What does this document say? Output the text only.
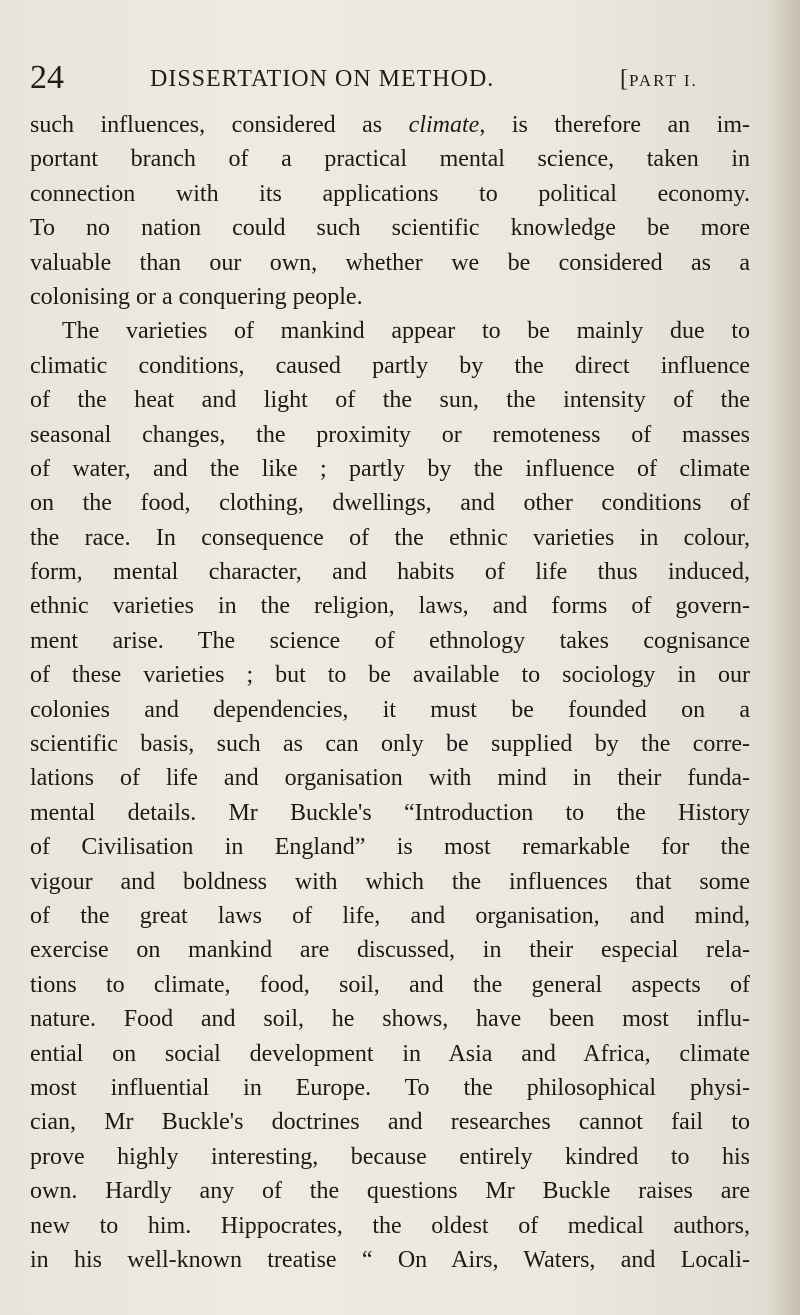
24	DISSERTATION ON METHOD.	[PART I.
such influences, considered as climate, is therefore an im-
portant branch of a practical mental science, taken in
connection with its applications to political economy.
To no nation could such scientific knowledge be more
valuable than our own, whether we be considered as a
colonising or a conquering people.
The varieties of mankind appear to be mainly due to
climatic conditions, caused partly by the direct influence
of the heat and light of the sun, the intensity of the
seasonal changes, the proximity or remoteness of masses
of water, and the like ; partly by the influence of climate
on the food, clothing, dwellings, and other conditions of
the race. In consequence of the ethnic varieties in colour,
form, mental character, and habits of life thus induced,
ethnic varieties in the religion, laws, and forms of govern-
ment arise. The science of ethnology takes cognisance
of these varieties ; but to be available to sociology in our
colonies and dependencies, it must be founded on a
scientific basis, such as can only be supplied by the corre-
lations of life and organisation with mind in their funda-
mental details. Mr Buckle's “Introduction to the History
of Civilisation in England” is most remarkable for the
vigour and boldness with which the influences that some
of the great laws of life, and organisation, and mind,
exercise on mankind are discussed, in their especial rela-
tions to climate, food, soil, and the general aspects of
nature. Food and soil, he shows, have been most influ-
ential on social development in Asia and Africa, climate
most influential in Europe. To the philosophical physi-
cian, Mr Buckle's doctrines and researches cannot fail to
prove highly interesting, because entirely kindred to his
own. Hardly any of the questions Mr Buckle raises are
new to him. Hippocrates, the oldest of medical authors,
in his well-known treatise “ On Airs, Waters, and Locali-
